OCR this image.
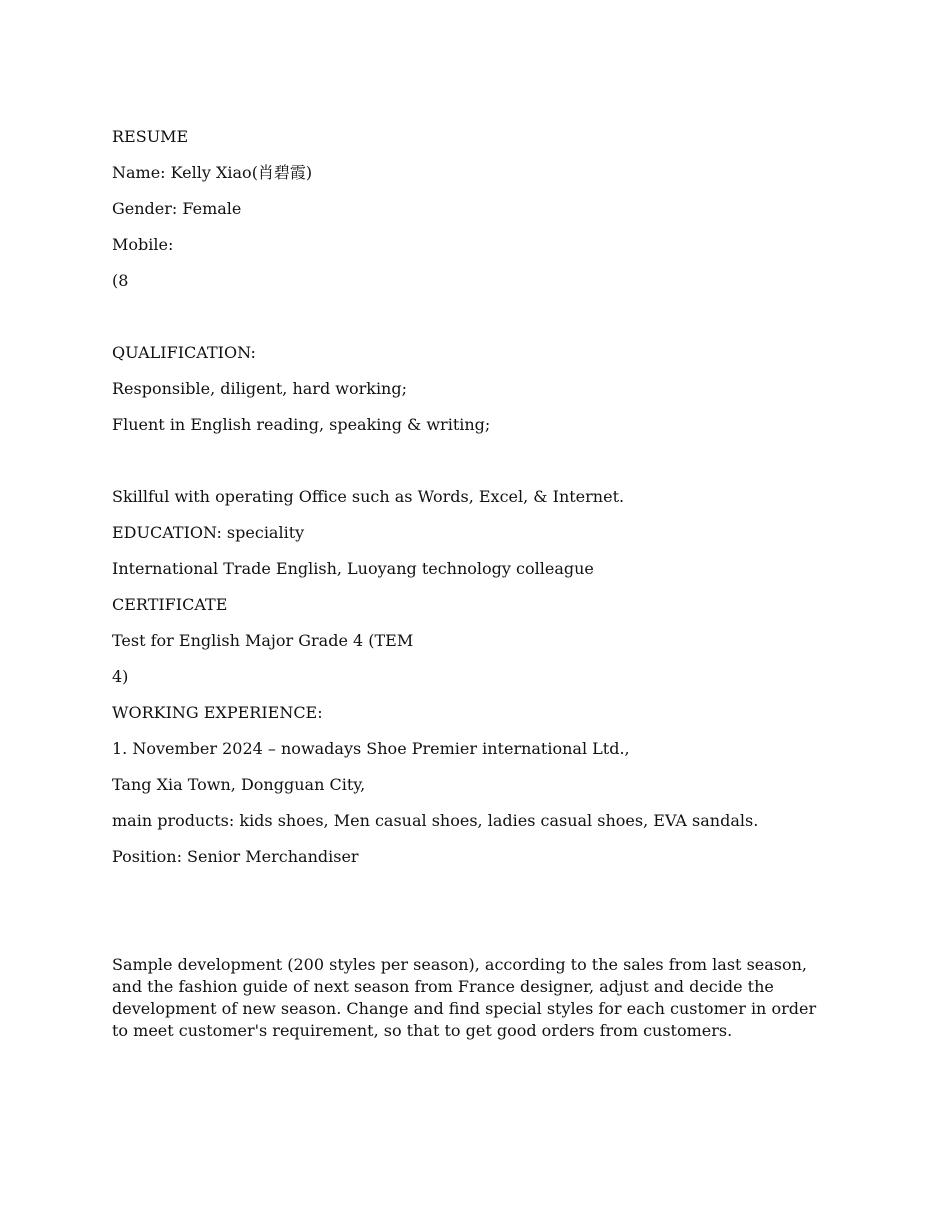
RESUME
Name: Kelly Xiao(肖碧霞)
Gender: Female
Mobile:
(8
QUALIFICATION:
Responsible, diligent, hard working;
Fluent in English reading, speaking & writing;
Skillful with operating Office such as Words, Excel, & Internet.
EDUCATION: speciality
International Trade English, Luoyang technology colleague
CERTIFICATE
Test for English Major Grade 4 (TEM
4)
WORKING EXPERIENCE:
1. November 2024 – nowadays Shoe Premier international Ltd.,
Tang Xia Town, Dongguan City,
main products: kids shoes, Men casual shoes, ladies casual shoes, EVA sandals.
Position: Senior Merchandiser

Sample development (200 styles per season), according to the sales from last season, and the fashion guide of next season from France designer, adjust and decide the development of new season. Change and find special styles for each customer in order to meet customer's requirement, so that to get good orders from customers.
